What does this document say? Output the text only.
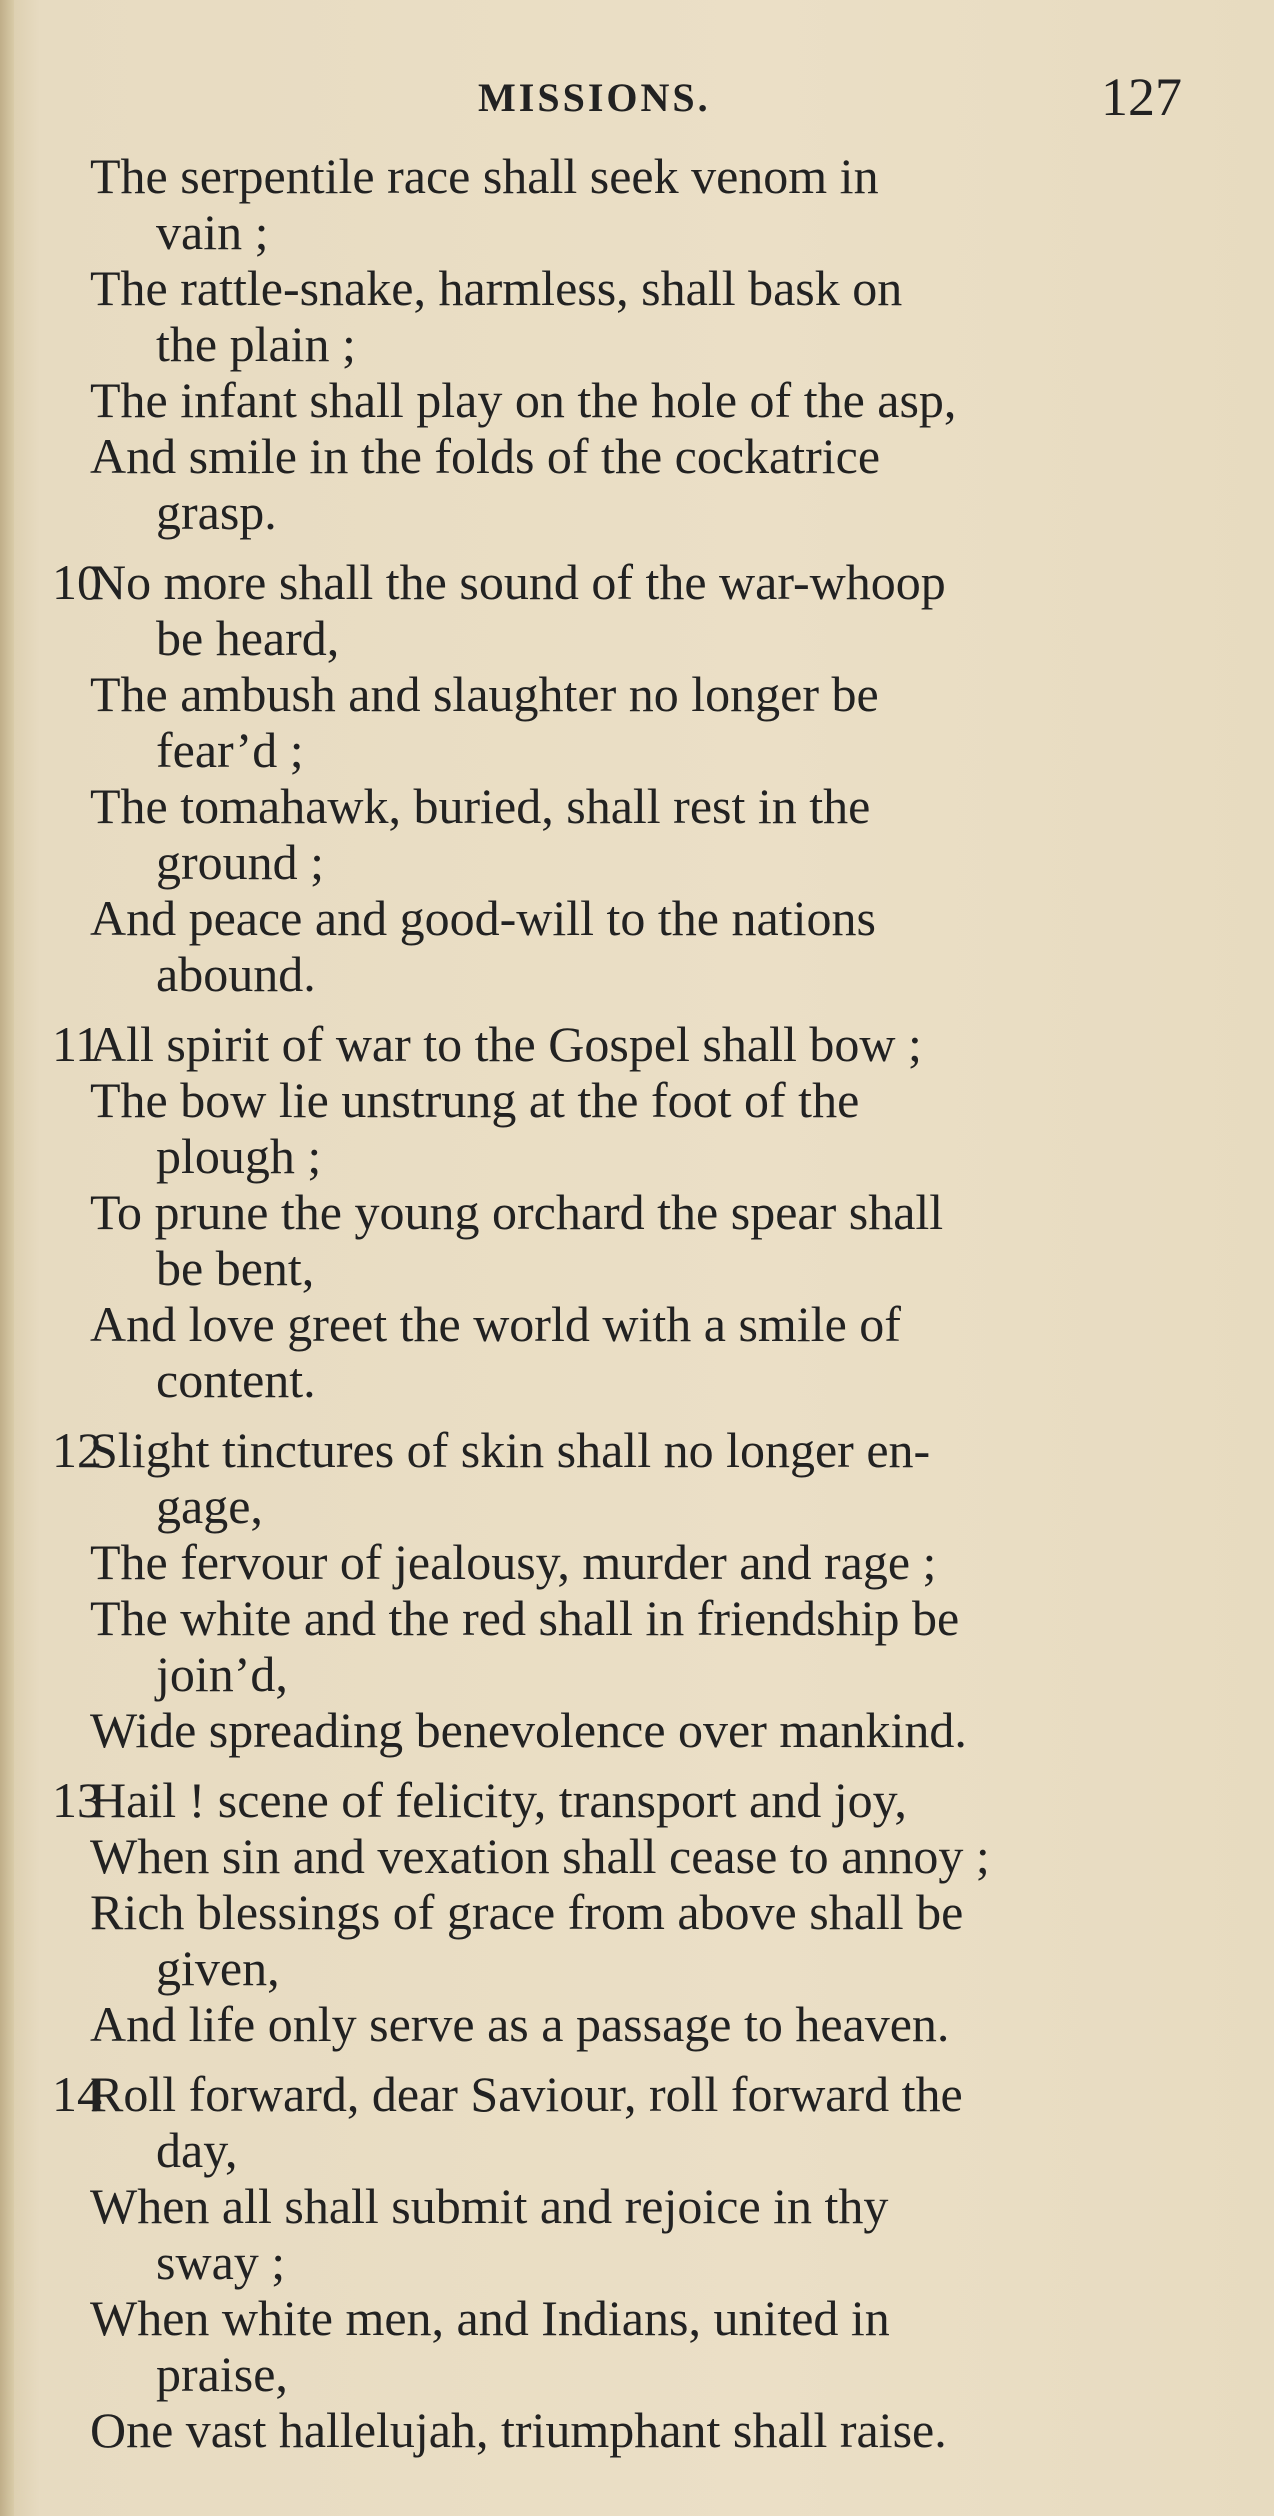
MISSIONS.	127
The serpentile race shall seek venom in
vain ;
The rattle-snake, harmless, shall bask on
the plain ;
The infant shall play on the hole of the asp,
And smile in the folds of the cockatrice
grasp.
10
No more shall the sound of the war-whoop
be heard,
The ambush and slaughter no longer be
fear’d ;
The tomahawk, buried, shall rest in the
ground ;
And peace and good-will to the nations
abound.
11
All spirit of war to the Gospel shall bow ;
The bow lie unstrung at the foot of the
plough ;
To prune the young orchard the spear shall
be bent,
And love greet the world with a smile of
content.
12
Slight tinctures of skin shall no longer en-
gage,
The fervour of jealousy, murder and rage ;
The white and the red shall in friendship be
join’d,
Wide spreading benevolence over mankind.
13
Hail ! scene of felicity, transport and joy,
When sin and vexation shall cease to annoy ;
Rich blessings of grace from above shall be
given,
And life only serve as a passage to heaven.
14
Roll forward, dear Saviour, roll forward the
day,
When all shall submit and rejoice in thy
sway ;
When white men, and Indians, united in
praise,
One vast hallelujah, triumphant shall raise.
